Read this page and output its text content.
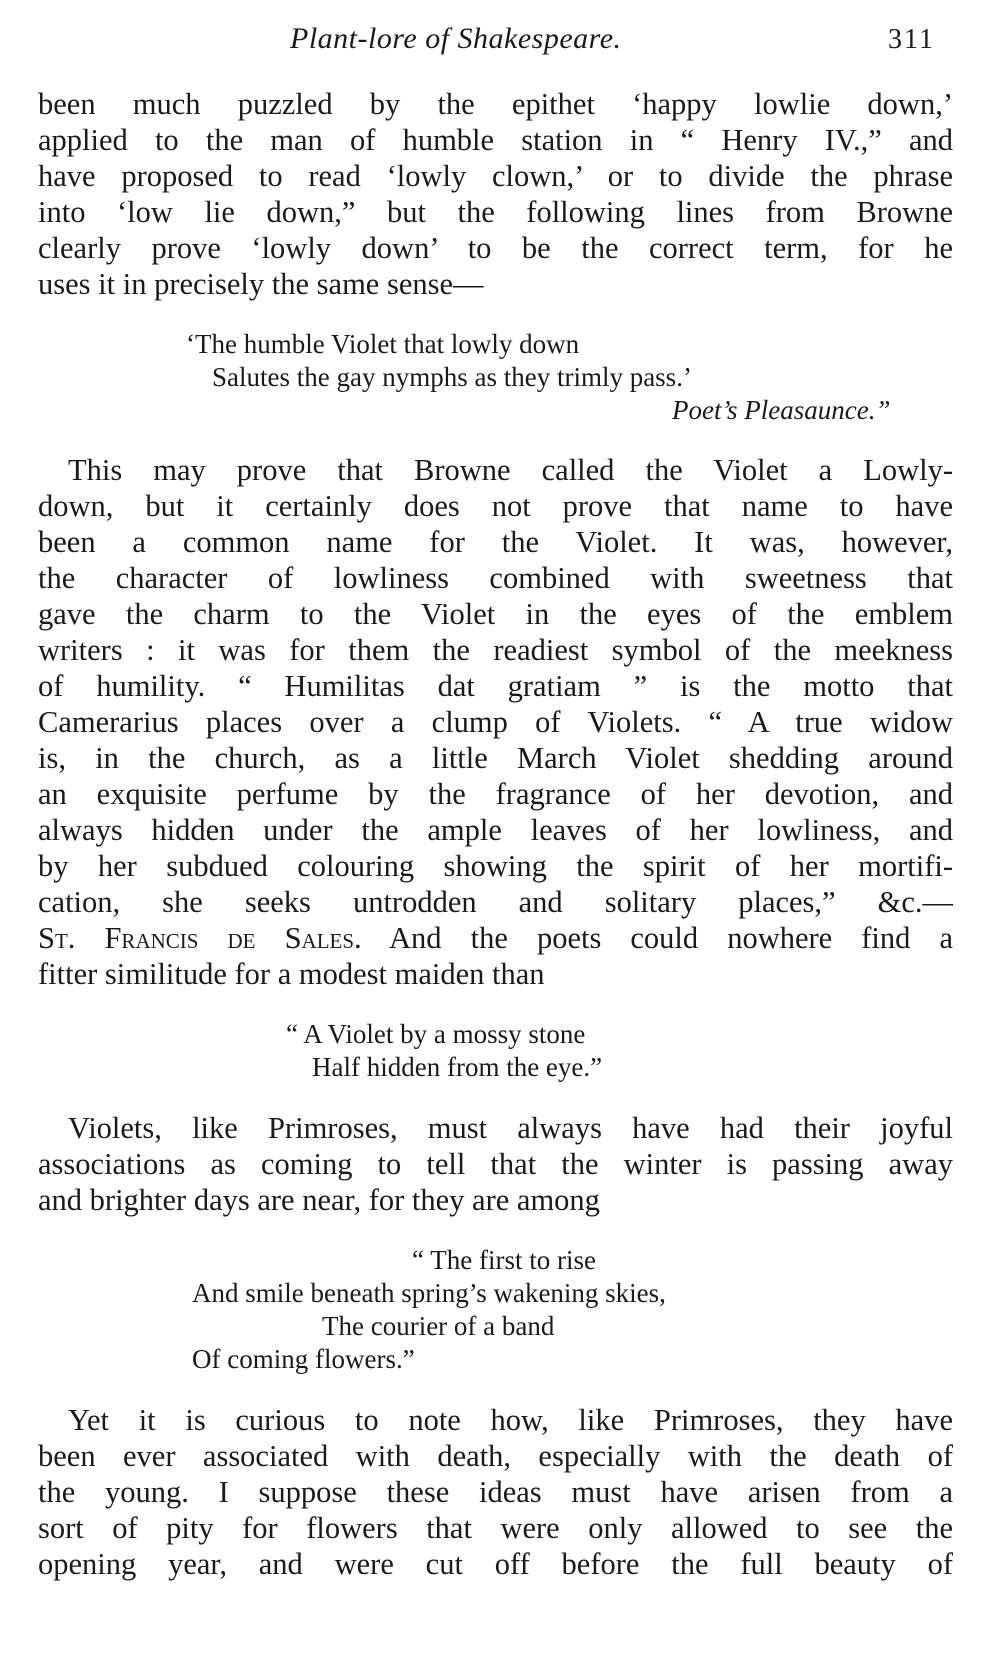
Plant-lore of Shakespeare.	311
been much puzzled by the epithet ‘happy lowlie down,’
applied to the man of humble station in “ Henry IV.,” and
have proposed to read ‘lowly clown,’ or to divide the phrase
into ‘low lie down,” but the following lines from Browne
clearly prove ‘lowly down’ to be the correct term, for he
uses it in precisely the same sense—
‘The humble Violet that lowly down
Salutes the gay nymphs as they trimly pass.’
Poet’s Pleasaunce.”
This may prove that Browne called the Violet a Lowly-
down, but it certainly does not prove that name to have
been a common name for the Violet. It was, however,
the character of lowliness combined with sweetness that
gave the charm to the Violet in the eyes of the emblem
writers : it was for them the readiest symbol of the meekness
of humility. “ Humilitas dat gratiam ” is the motto that
Camerarius places over a clump of Violets. “ A true widow
is, in the church, as a little March Violet shedding around
an exquisite perfume by the fragrance of her devotion, and
always hidden under the ample leaves of her lowliness, and
by her subdued colouring showing the spirit of her mortifi-
cation, she seeks untrodden and solitary places,” &c.—
St. Francis de Sales. And the poets could nowhere find a
fitter similitude for a modest maiden than
“ A Violet by a mossy stone
Half hidden from the eye.”
Violets, like Primroses, must always have had their joyful
associations as coming to tell that the winter is passing away
and brighter days are near, for they are among
“ The first to rise
And smile beneath spring’s wakening skies,
The courier of a band
Of coming flowers.”
Yet it is curious to note how, like Primroses, they have
been ever associated with death, especially with the death of
the young. I suppose these ideas must have arisen from a
sort of pity for flowers that were only allowed to see the
opening year, and were cut off before the full beauty of
